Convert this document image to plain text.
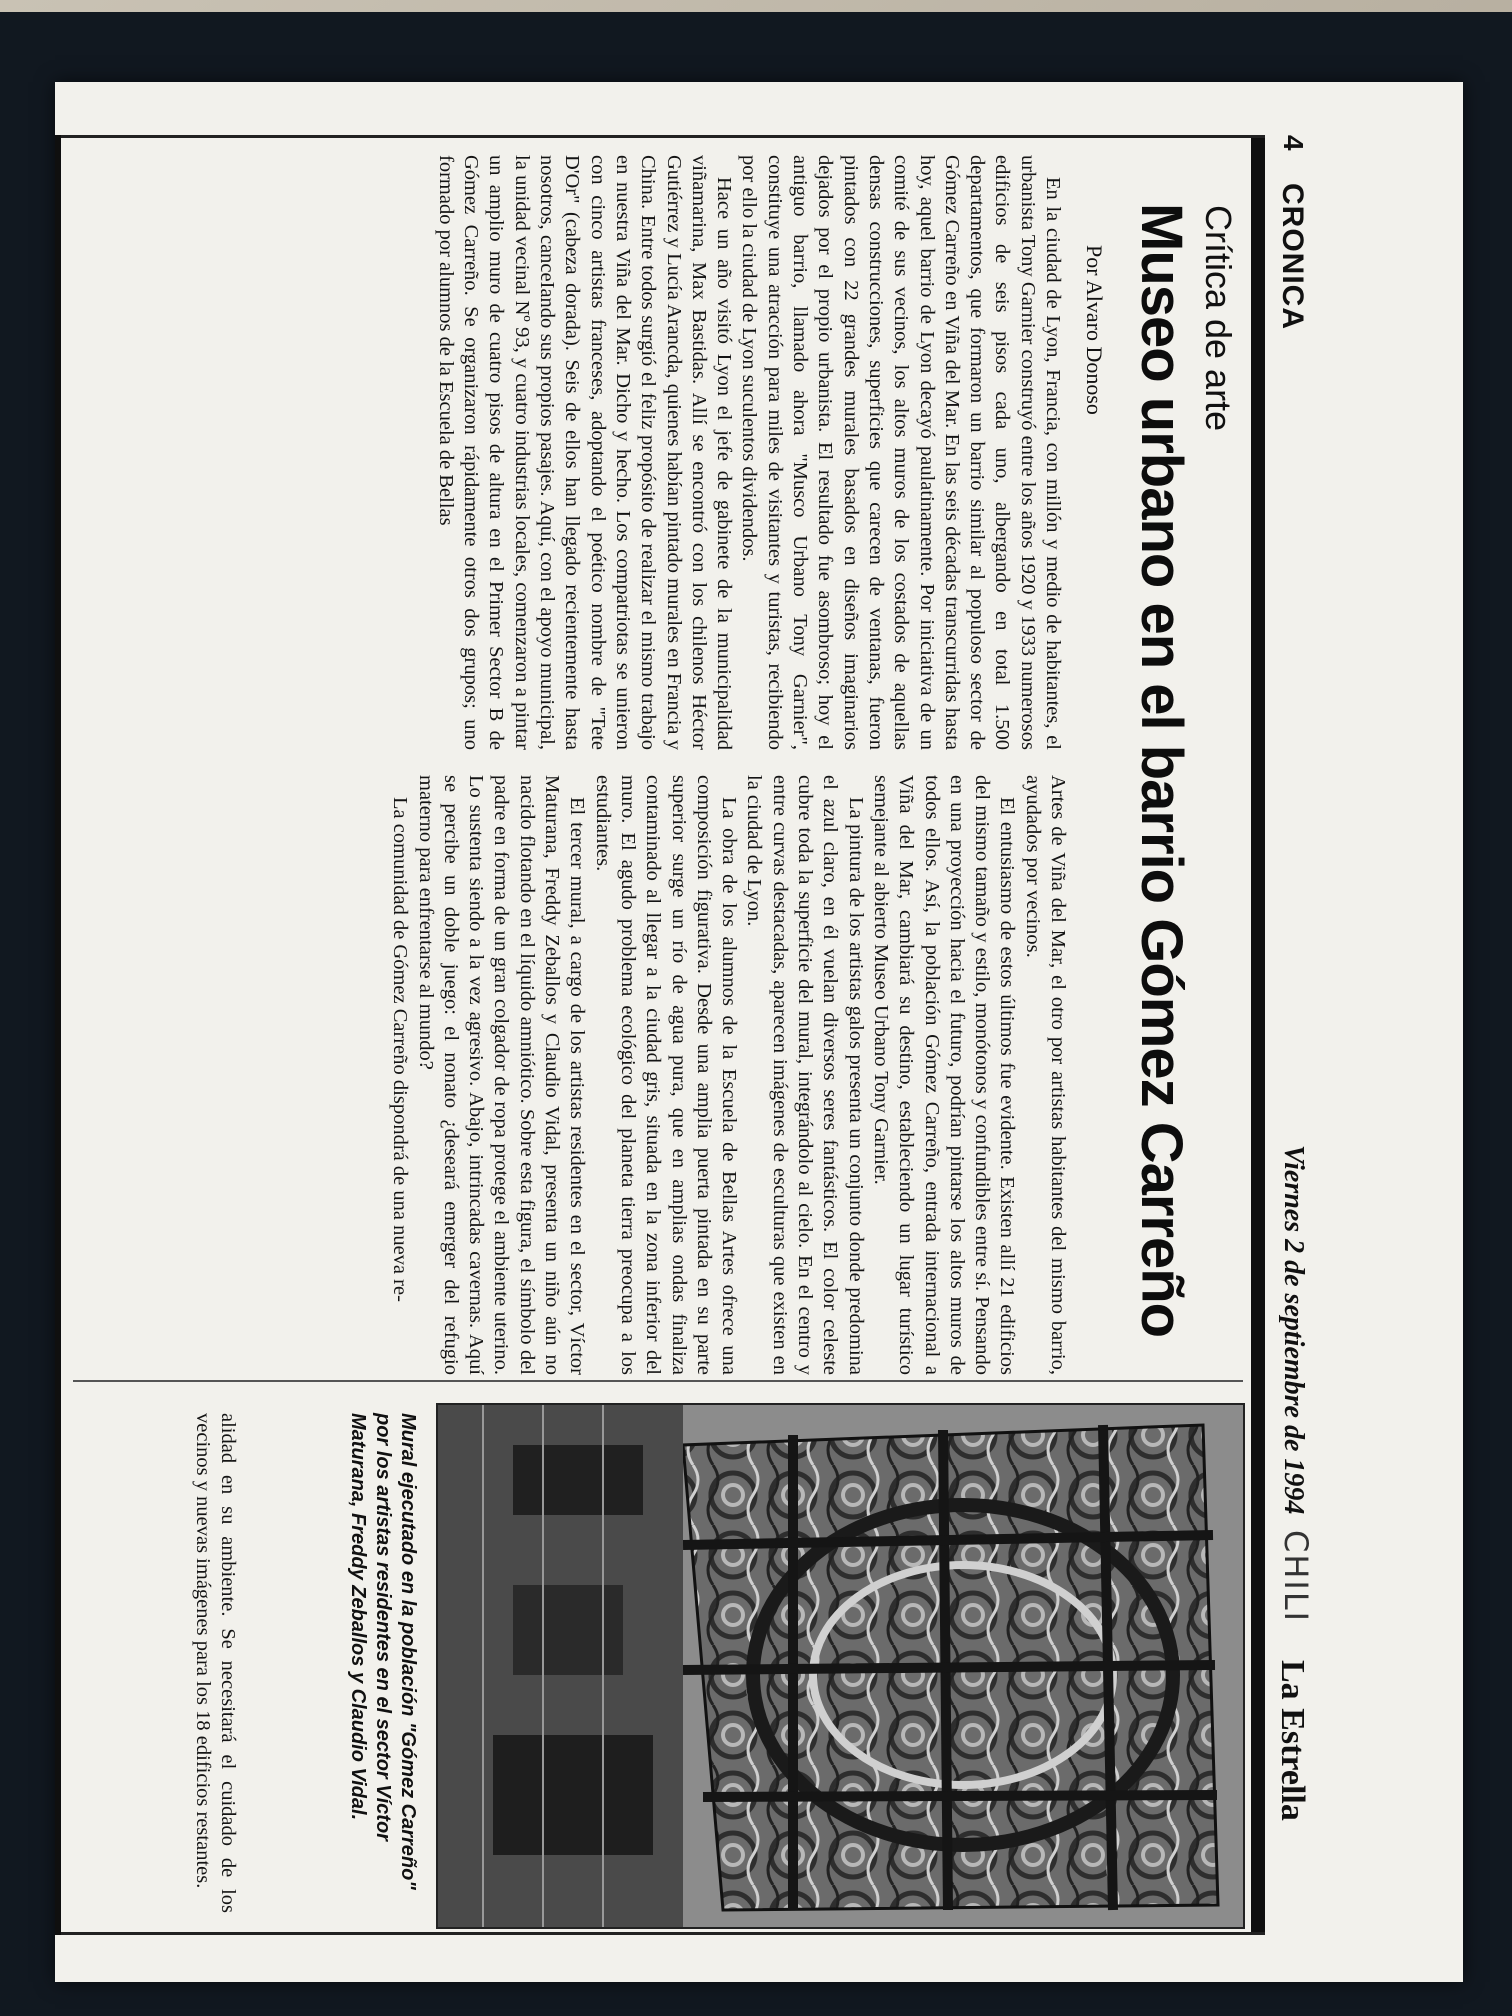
4
CRONICA
Viernes 2 de septiembre de 1994
CHILI
La Estrella
Crítica de arte
Museo urbano en el barrio Gómez Carreño
Por Alvaro Donoso

En la ciudad de Lyon, Francia, con millón y medio de habitantes, el urbanista Tony Garnier construyó entre los años 1920 y 1933 numerosos edificios de seis pisos cada uno, albergando en total 1.500 departamentos, que formaron un barrio similar al populoso sector de Gómez Carreño en Viña del Mar. En las seis décadas transcurridas hasta hoy, aquel barrio de Lyon decayó paulatinamente. Por iniciativa de un comité de sus vecinos, los altos muros de los costados de aquellas densas construcciones, superficies que carecen de ventanas, fueron pintados con 22 grandes murales basados en diseños imaginarios dejados por el propio urbanista. El resultado fue asombroso; hoy el antiguo barrio, llamado ahora "Musco Urbano Tony Garnier", constituye una atracción para miles de visitantes y turistas, recibiendo por ello la ciudad de Lyon suculentos dividendos.

Hace un año visitó Lyon el jefe de gabinete de la municipalidad viñamarina, Max Bastidas. Allí se encontró con los chilenos Héctor Gutiérrez y Lucía Arancda, quienes habían pintado murales en Francia y China. Entre todos surgió el feliz propósito de realizar el mismo trabajo en nuestra Viña del Mar. Dicho y hecho. Los compatriotas se unieron con cinco artistas franceses, adoptando el poético nombre de "Tete D'Or" (cabeza dorada). Seis de ellos han llegado recientemente hasta nosotros, canceIando sus propios pasajes. Aquí, con el apoyo municipal, la unidad vecinal Nº 93, y cuatro industrias locales, comenzaron a pintar un amplio muro de cuatro pisos de altura en el Primer Sector B de Gómez Carreño. Se organizaron rápidamente otros dos grupos; uno formado por alumnos de la Escuela de Bellas

Artes de Viña del Mar, el otro por artistas habitantes del mismo barrio, ayudados por vecinos.

El entusiasmo de estos últimos fue evidente. Existen allí 21 edificios del mismo tamaño y estilo, monótonos y confundibles entre sí. Pensando en una proyección hacia el futuro, podrían pintarse los altos muros de todos ellos. Así, la población Gómez Carreño, entrada internacional a Viña del Mar, cambiará su destino, estableciendo un lugar turístico semejante al abierto Museo Urbano Tony Garnier.

La pintura de los artistas galos presenta un conjunto donde predomina el azul claro, en él vuelan diversos seres fantásticos. El color celeste cubre toda la superficie del mural, integrándolo al cielo. En el centro y entre curvas destacadas, aparecen imágenes de esculturas que existen en la ciudad de Lyon.

La obra de los alumnos de la Escuela de Bellas Artes ofrece una composición figurativa. Desde una amplia puerta pintada en su parte superior surge un río de agua pura, que en amplias ondas finaliza contaminado al llegar a la ciudad gris, situada en la zona inferior del muro. El agudo problema ecológico del planeta tierra preocupa a los estudiantes.

El tercer mural, a cargo de los artistas residentes en el sector, Víctor Maturana, Freddy Zeballos y Claudio Vidal, presenta un niño aún no nacido flotando en el líquido amniótico. Sobre esta figura, el símbolo del padre en forma de un gran colgador de ropa protege el ambiente uterino. Lo sustenta siendo a la vez agresivo. Abajo, intrincadas cavernas. Aquí se percibe un doble juego: el nonato ¿deseará emerger del refugio materno para enfrentarse al mundo?

La comunidad de Gómez Carreño dispondrá de una nueva re-

Mural ejecutado en la población "Gómez Carreño" por los artistas residentes en el sector Víctor Maturana, Freddy Zeballos y Claudio Vidal.

alidad en su ambiente. Se necesitará el cuidado de los vecinos y nuevas imágenes para los 18 edificios restantes.
